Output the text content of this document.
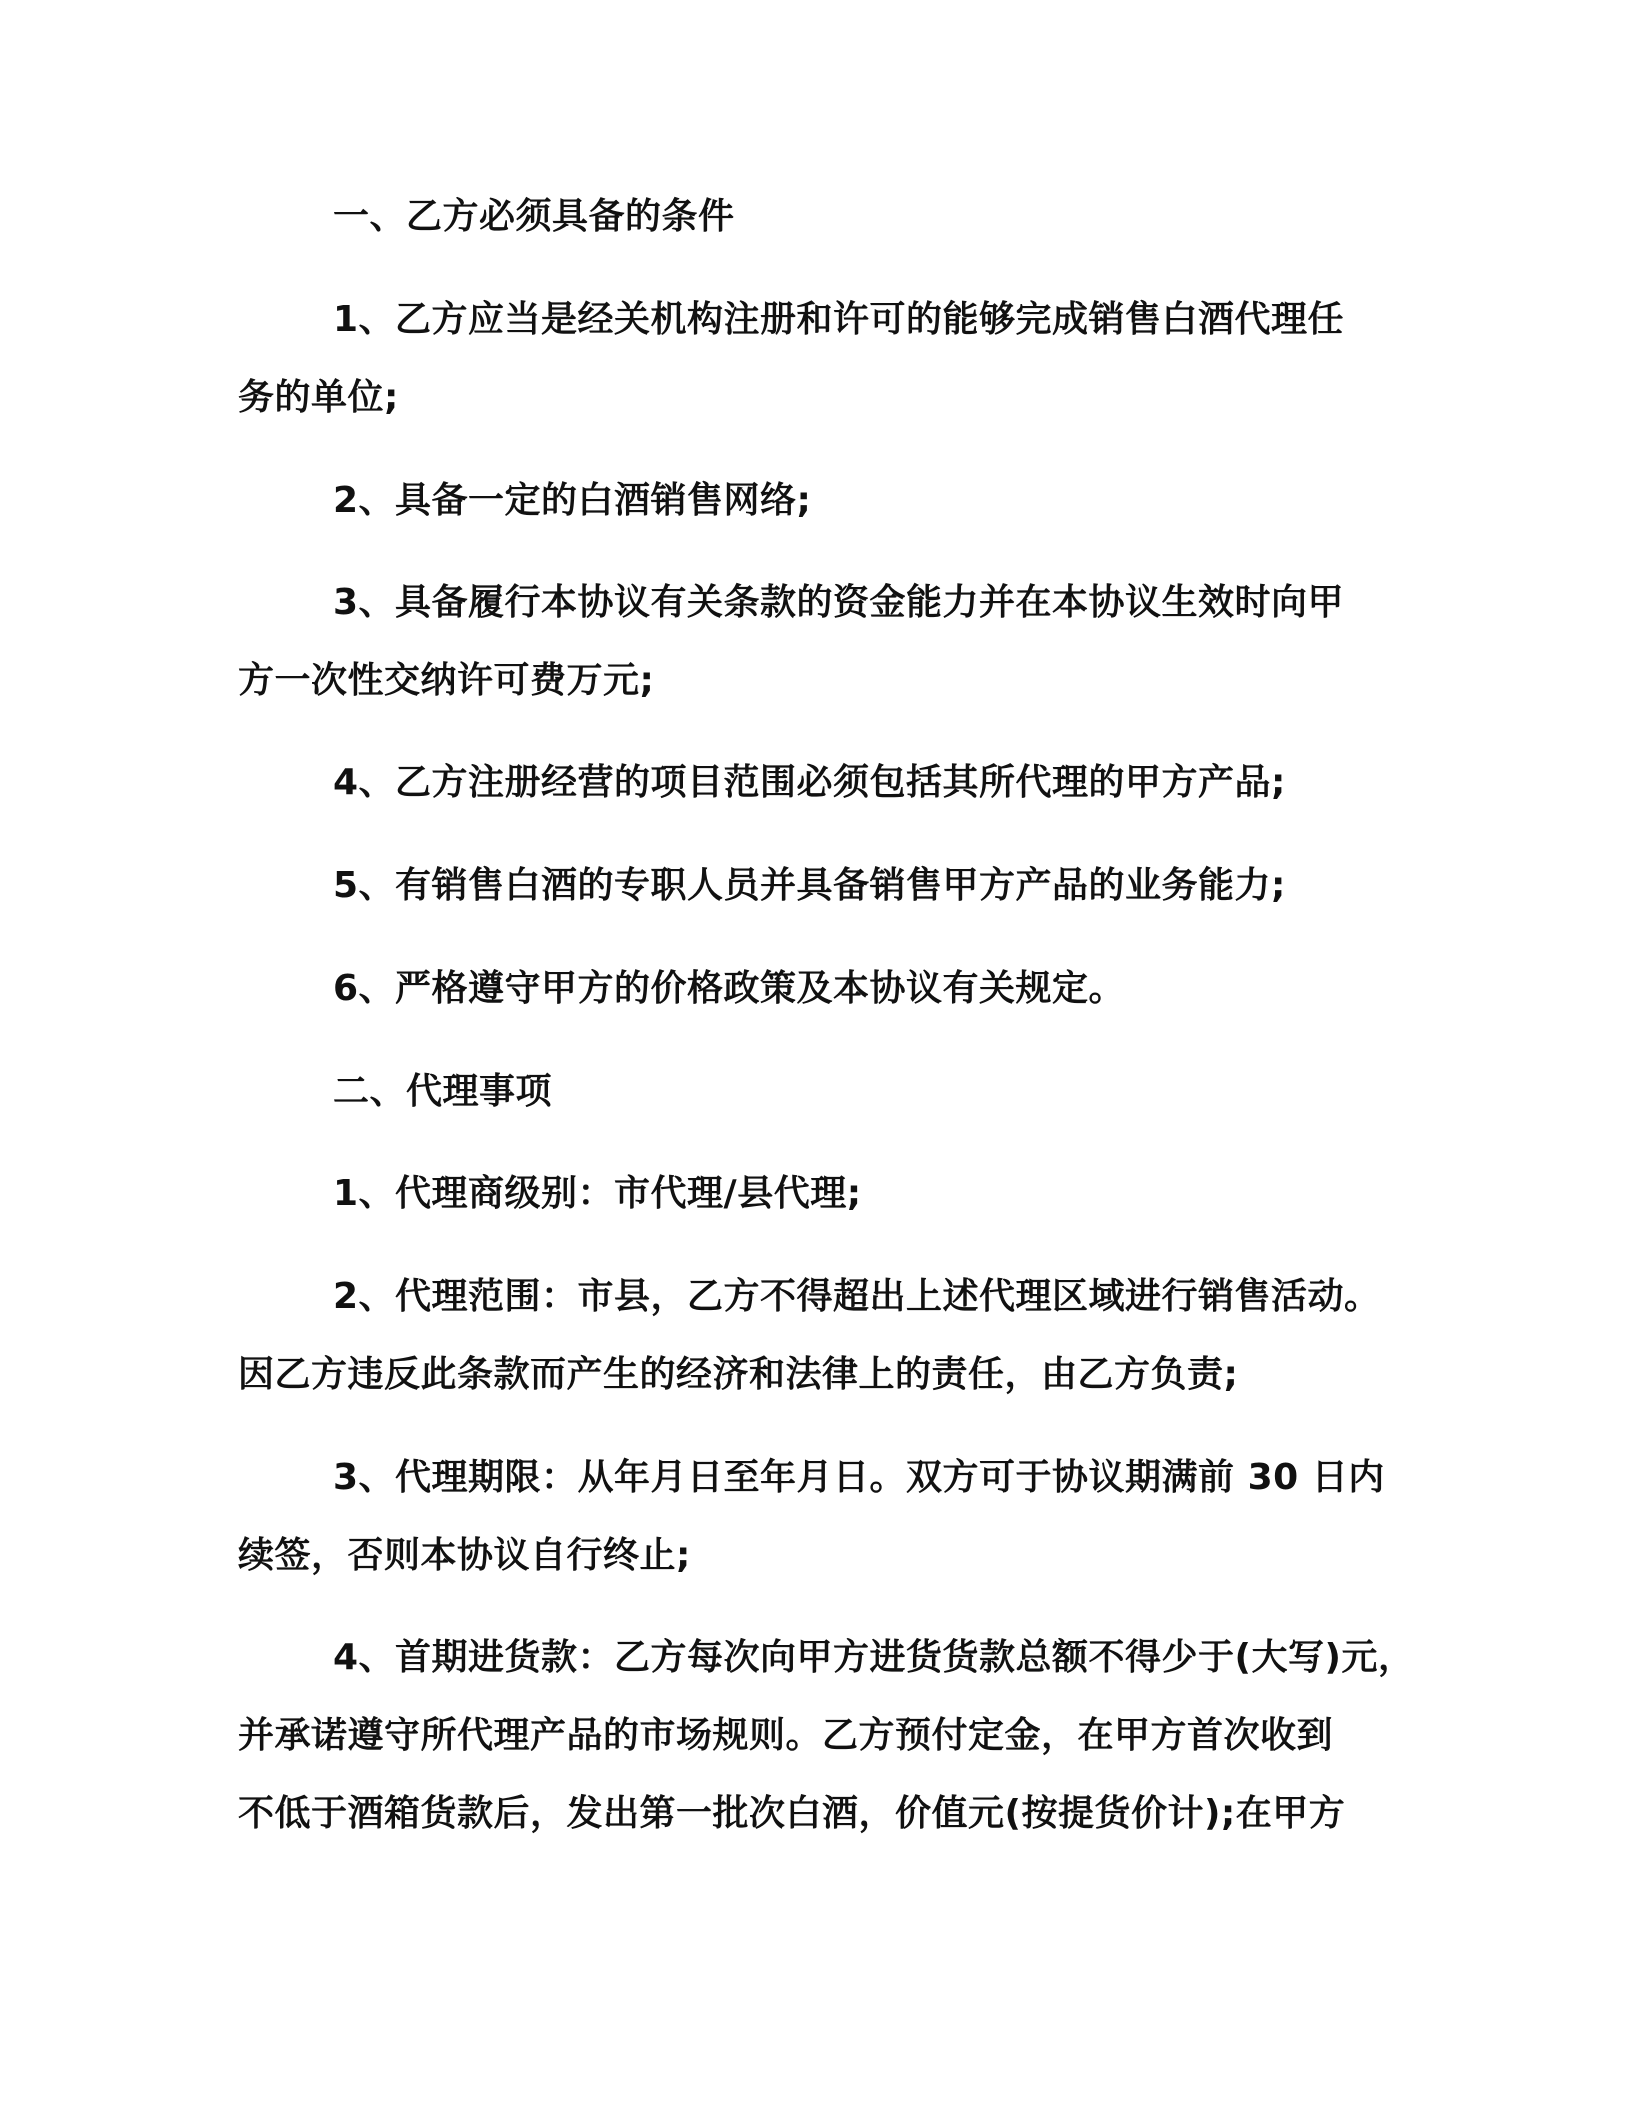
一、乙方必须具备的条件
1、乙方应当是经关机构注册和许可的能够完成销售白酒代理任
务的单位;
2、具备一定的白酒销售网络;
3、具备履行本协议有关条款的资金能力并在本协议生效时向甲
方一次性交纳许可费万元;
4、乙方注册经营的项目范围必须包括其所代理的甲方产品;
5、有销售白酒的专职人员并具备销售甲方产品的业务能力;
6、严格遵守甲方的价格政策及本协议有关规定。
二、代理事项
1、代理商级别：市代理/县代理;
2、代理范围：市县，乙方不得超出上述代理区域进行销售活动。
因乙方违反此条款而产生的经济和法律上的责任，由乙方负责;
3、代理期限：从年月日至年月日。双方可于协议期满前 30 日内
续签，否则本协议自行终止;
4、首期进货款：乙方每次向甲方进货货款总额不得少于(大写)元，
并承诺遵守所代理产品的市场规则。乙方预付定金，在甲方首次收到
不低于酒箱货款后，发出第一批次白酒，价值元(按提货价计);在甲方
